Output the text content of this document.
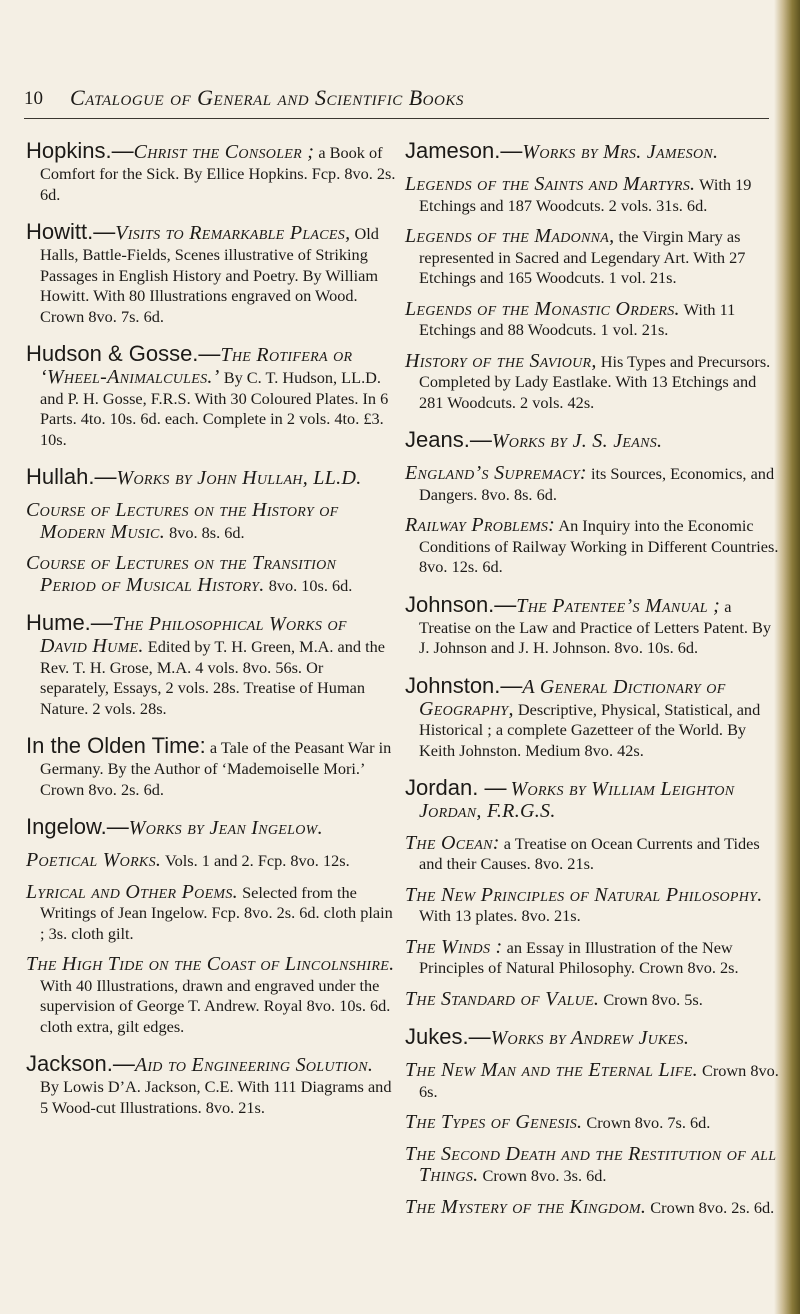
10 Catalogue of General and Scientific Books
Hopkins.—Christ the Consoler ; a Book of Comfort for the Sick. By Ellice Hopkins. Fcp. 8vo. 2s. 6d.
Howitt.—Visits to Remarkable Places, Old Halls, Battle-Fields, Scenes illustrative of Striking Passages in English History and Poetry. By William Howitt. With 80 Illustrations engraved on Wood. Crown 8vo. 7s. 6d.
Hudson & Gosse.—The Rotifera or ‘Wheel-Animalcules.’ By C. T. Hudson, LL.D. and P. H. Gosse, F.R.S. With 30 Coloured Plates. In 6 Parts. 4to. 10s. 6d. each. Complete in 2 vols. 4to. £3. 10s.
Hullah.—Works by John Hullah, LL.D.
Course of Lectures on the History of Modern Music. 8vo. 8s. 6d.
Course of Lectures on the Transition Period of Musical History. 8vo. 10s. 6d.
Hume.—The Philosophical Works of David Hume. Edited by T. H. Green, M.A. and the Rev. T. H. Grose, M.A. 4 vols. 8vo. 56s. Or separately, Essays, 2 vols. 28s. Treatise of Human Nature. 2 vols. 28s.
In the Olden Time: a Tale of the Peasant War in Germany. By the Author of ‘Mademoiselle Mori.’ Crown 8vo. 2s. 6d.
Ingelow.—Works by Jean Ingelow.
Poetical Works. Vols. 1 and 2. Fcp. 8vo. 12s.
Lyrical and Other Poems. Selected from the Writings of Jean Ingelow. Fcp. 8vo. 2s. 6d. cloth plain ; 3s. cloth gilt.
The High Tide on the Coast of Lincolnshire. With 40 Illustrations, drawn and engraved under the supervision of George T. Andrew. Royal 8vo. 10s. 6d. cloth extra, gilt edges.
Jackson.—Aid to Engineering Solution. By Lowis D’A. Jackson, C.E. With 111 Diagrams and 5 Wood-cut Illustrations. 8vo. 21s.
Jameson.—Works by Mrs. Jameson.
Legends of the Saints and Martyrs. With 19 Etchings and 187 Woodcuts. 2 vols. 31s. 6d.
Legends of the Madonna, the Virgin Mary as represented in Sacred and Legendary Art. With 27 Etchings and 165 Woodcuts. 1 vol. 21s.
Legends of the Monastic Orders. With 11 Etchings and 88 Woodcuts. 1 vol. 21s.
History of the Saviour, His Types and Precursors. Completed by Lady Eastlake. With 13 Etchings and 281 Woodcuts. 2 vols. 42s.
Jeans.—Works by J. S. Jeans.
England’s Supremacy: its Sources, Economics, and Dangers. 8vo. 8s. 6d.
Railway Problems: An Inquiry into the Economic Conditions of Railway Working in Different Countries. 8vo. 12s. 6d.
Johnson.—The Patentee’s Manual ; a Treatise on the Law and Practice of Letters Patent. By J. Johnson and J. H. Johnson. 8vo. 10s. 6d.
Johnston.—A General Dictionary of Geography, Descriptive, Physical, Statistical, and Historical ; a complete Gazetteer of the World. By Keith Johnston. Medium 8vo. 42s.
Jordan. — Works by William Leighton Jordan, F.R.G.S.
The Ocean: a Treatise on Ocean Currents and Tides and their Causes. 8vo. 21s.
The New Principles of Natural Philosophy. With 13 plates. 8vo. 21s.
The Winds : an Essay in Illustration of the New Principles of Natural Philosophy. Crown 8vo. 2s.
The Standard of Value. Crown 8vo. 5s.
Jukes.—Works by Andrew Jukes.
The New Man and the Eternal Life. Crown 8vo. 6s.
The Types of Genesis. Crown 8vo. 7s. 6d.
The Second Death and the Restitution of all Things. Crown 8vo. 3s. 6d.
The Mystery of the Kingdom. Crown 8vo. 2s. 6d.
